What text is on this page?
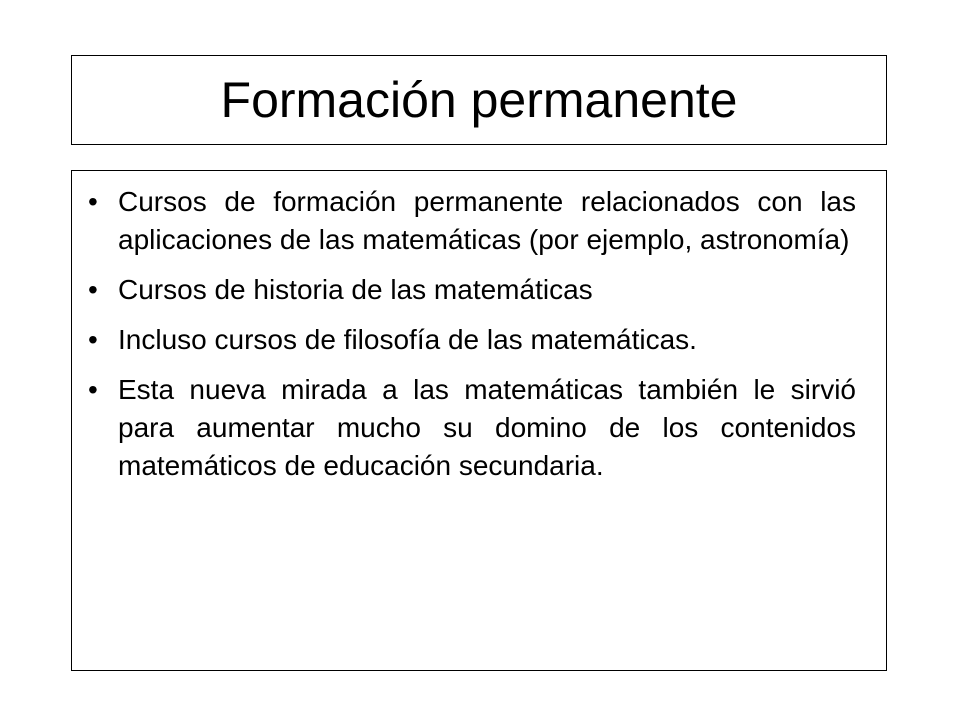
Formación permanente
• Cursos de formación permanente relacionados con las aplicaciones de las matemáticas (por ejemplo, astronomía)
• Cursos de historia de las matemáticas
• Incluso cursos de filosofía de las matemáticas.
• Esta nueva mirada a las matemáticas también le sirvió para aumentar mucho su domino de los contenidos matemáticos de educación secundaria.
